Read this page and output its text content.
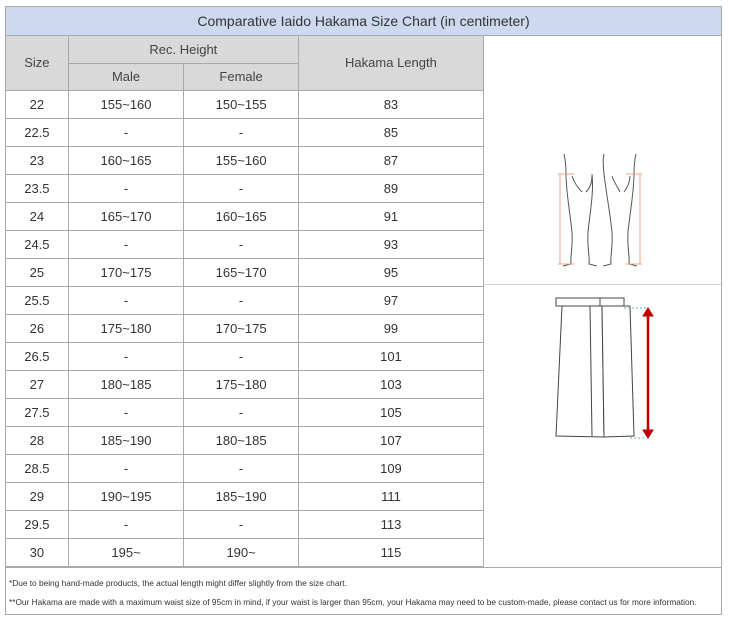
Comparative Iaido Hakama Size Chart (in centimeter)
Size	Rec. Height		Hakama Length
	Male	Female	
22	155~160	150~155	83
22.5	-	-	85
23	160~165	155~160	87
23.5	-	-	89
24	165~170	160~165	91
24.5	-	-	93
25	170~175	165~170	95
25.5	-	-	97
26	175~180	170~175	99
26.5	-	-	101
27	180~185	175~180	103
27.5	-	-	105
28	185~190	180~185	107
28.5	-	-	109
29	190~195	185~190	111
29.5	-	-	113
30	195~	190~	115
*Due to being hand-made products, the actual length might differ slightly from the size chart.
**Our Hakama are made with a maximum waist size of 95cm in mind, if your waist is larger than 95cm, your Hakama may need to be custom-made, please contact us for more information.
